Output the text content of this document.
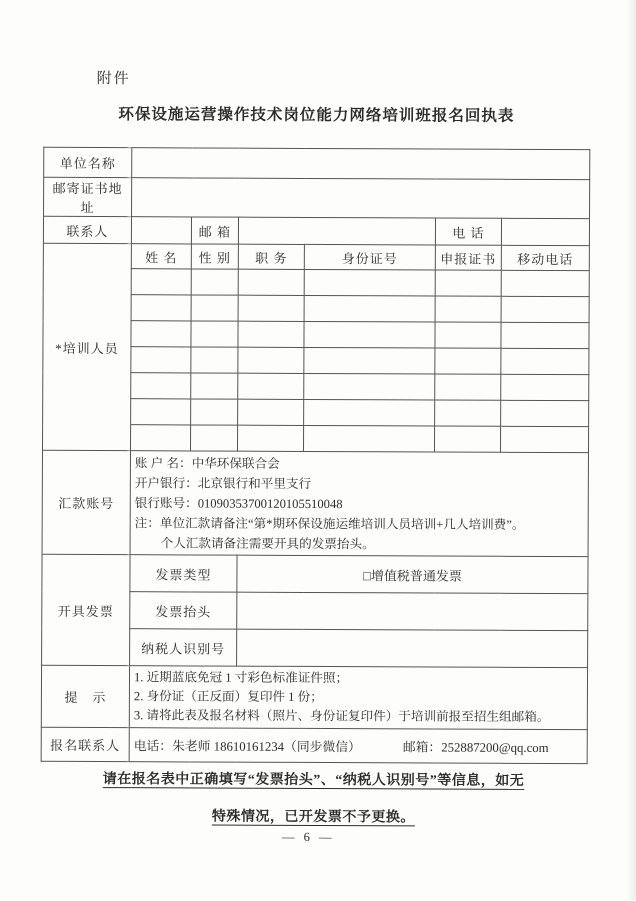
附件
环保设施运营操作技术岗位能力网络培训班报名回执表
单位名称						
邮寄证书地址						
联系人		邮 箱			电 话	
*培训人员	姓 名	性 别	职 务	身份证号	申报证书	移动电话

汇款账号	账 户 名：中华环保联合会
开户银行：北京银行和平里支行
银行账号：01090353700120105510048
注：单位汇款请备注“第*期环保设施运维培训人员培训+几人培训费”。
个人汇款请备注需要开具的发票抬头。					

开具发票	发票类型		□增值税普通发票			
	发票抬头					
	纳税人识别号					
提　示	1. 近期蓝底免冠 1 寸彩色标准证件照；
2. 身份证（正反面）复印件 1 份；
3. 请将此表及报名材料（照片、身份证复印件）于培训前报至招生组邮箱。					

报名联系人	电话：朱老师 18610161234（同步微信） 邮箱：252887200@qq.com					
请在报名表中正确填写“发票抬头”、“纳税人识别号”等信息，如无
特殊情况，已开发票不予更换。
— 6 —
